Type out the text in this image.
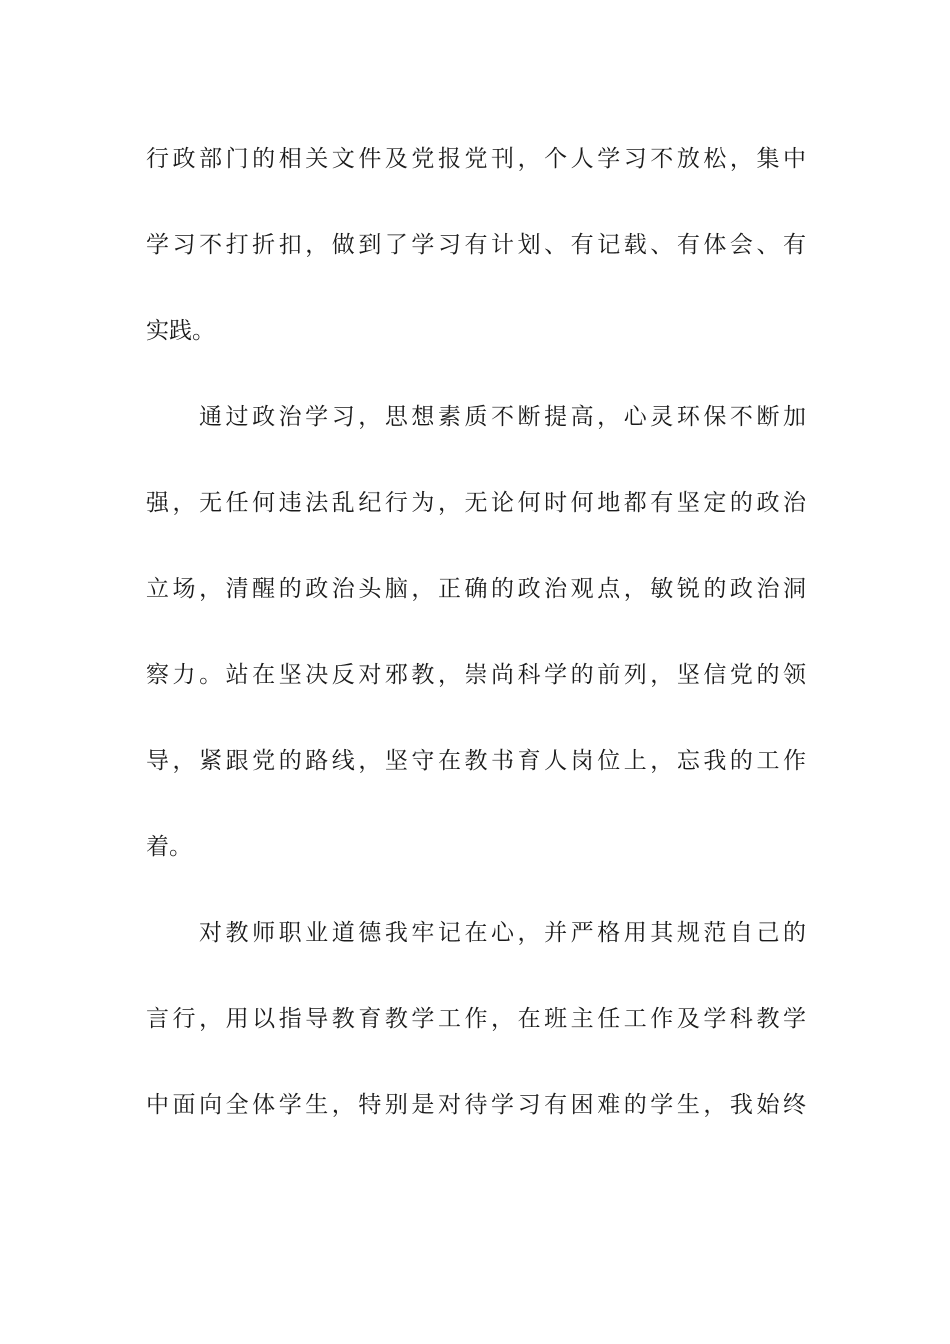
行政部门的相关文件及党报党刊，个人学习不放松，集中
学习不打折扣，做到了学习有计划、有记载、有体会、有
实践。
通过政治学习，思想素质不断提高，心灵环保不断加
强，无任何违法乱纪行为，无论何时何地都有坚定的政治
立场，清醒的政治头脑，正确的政治观点，敏锐的政治洞
察力。站在坚决反对邪教，崇尚科学的前列，坚信党的领
导，紧跟党的路线，坚守在教书育人岗位上，忘我的工作
着。
对教师职业道德我牢记在心，并严格用其规范自己的
言行，用以指导教育教学工作，在班主任工作及学科教学
中面向全体学生，特别是对待学习有困难的学生，我始终
